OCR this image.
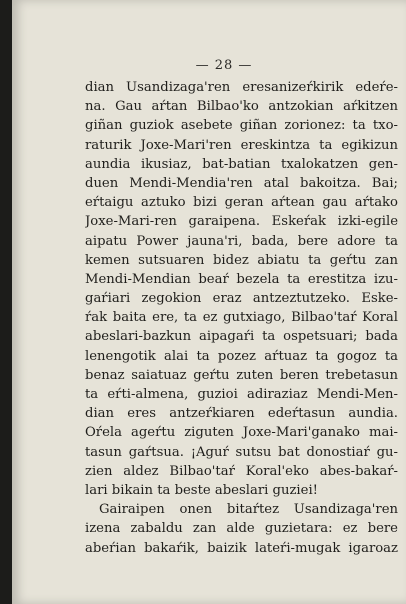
— 28 —
dian Usandizaga'ren eresanizeŕkirik edeŕe-
na. Gau aŕtan Bilbao'ko antzokian aŕkitzen
giñan guziok asebete giñan zorionez: ta txo-
raturik Joxe-Mari'ren ereskintza ta egikizun
aundia ikusiaz, bat-batian txalokatzen gen-
duen Mendi-Mendia'ren atal bakoitza. Bai;
eŕtaigu aztuko bizi geran aŕtean gau aŕtako
Joxe-Mari-ren garaipena. Eskeŕak izki-egile
aipatu Power jauna'ri, bada, bere adore ta
kemen sutsuaren bidez abiatu ta geŕtu zan
Mendi-Mendian beaŕ bezela ta erestitza izu-
gaŕiari zegokion eraz antzeztutzeko. Eske-
ŕak baita ere, ta ez gutxiago, Bilbao'taŕ Koral
abeslari-bazkun aipagaŕi ta ospetsuari; bada
lenengotik alai ta pozez aŕtuaz ta gogoz ta
benaz saiatuaz geŕtu zuten beren trebetasun
ta eŕti-almena, guzioi adiraziaz Mendi-Men-
dian eres antzeŕkiaren edeŕtasun aundia.
Oŕela ageŕtu ziguten Joxe-Mari'ganako mai-
tasun gaŕtsua. ¡Aguŕ sutsu bat donostiaŕ gu-
zien aldez Bilbao'taŕ Koral'eko abes-bakaŕ-
lari bikain ta beste abeslari guziei!
Gairaipen onen bitaŕtez Usandizaga'ren
izena zabaldu zan alde guzietara: ez bere
abeŕian bakaŕik, baizik lateŕi-mugak igaroaz
